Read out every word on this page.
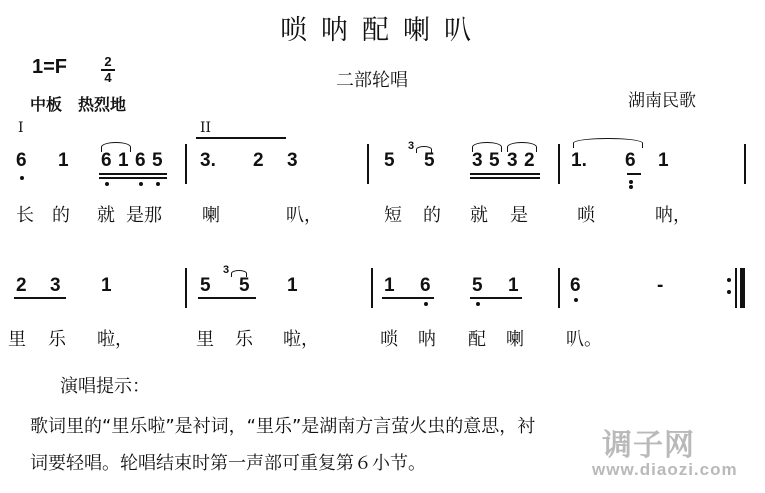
唢呐配喇叭
1=F	2
4	二部轮唱
中板　热烈地	湖南民歌
I	II
6 1 6 1 6 5 3. 2 3	5
3
5 3 5 3 2 1. 6 1
长 的 就 是那 喇	叭，	短 的 就 是	唢	呐，
2 3 1	5
3
5 1	1 6 5 1	6	-
里 乐 啦，	里 乐 啦，	唢 呐 配 喇 叭。
演唱提示：
歌词里的“里乐啦”是衬词，“里乐”是湖南方言萤火虫的意思，衬
词要轻唱。轮唱结束时第一声部可重复第６小节。
调子网
www.diaozi.com
